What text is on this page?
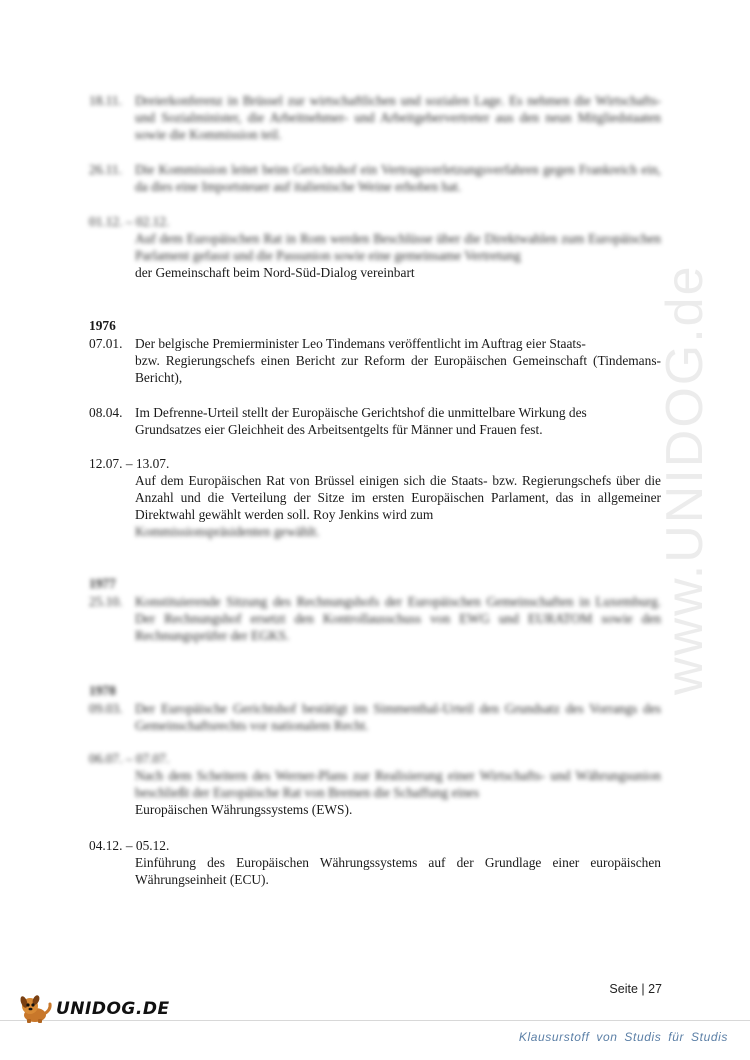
www.UNIDOG.de
18.11. Dreierkonferenz in Brüssel zur wirtschaftlichen und sozialen Lage. Es nehmen die Wirtschafts- und Sozialminister, die Arbeitnehmer- und Arbeitgebervertreter aus den neun Mitgliedstaaten sowie die Kommission teil.
26.11. Die Kommission leitet beim Gerichtshof ein Vertragsverletzungsverfahren gegen Frankreich ein, da dies eine Importsteuer auf italienische Weine erhoben hat.
01.12. – 02.12.
Auf dem Europäischen Rat in Rom werden Beschlüsse über die Direktwahlen zum Europäischen Parlament gefasst und die Passunion sowie eine gemeinsame Vertretung
der Gemeinschaft beim Nord-Süd-Dialog vereinbart
1976
07.01. Der belgische Premierminister Leo Tindemans veröffentlicht im Auftrag eier Staats-
bzw. Regierungschefs einen Bericht zur Reform der Europäischen Gemeinschaft (Tindemans-Bericht),
08.04. Im Defrenne-Urteil stellt der Europäische Gerichtshof die unmittelbare Wirkung des
Grundsatzes eier Gleichheit des Arbeitsentgelts für Männer und Frauen fest.
12.07. – 13.07.
Auf dem Europäischen Rat von Brüssel einigen sich die Staats- bzw. Regierungschefs über die Anzahl und die Verteilung der Sitze im ersten Europäischen Parlament, das in allgemeiner Direktwahl gewählt werden soll. Roy Jenkins wird zum
Kommissionspräsidenten gewählt.
1977
25.10. Konstituierende Sitzung des Rechnungshofs der Europäischen Gemeinschaften in Luxemburg. Der Rechnungshof ersetzt den Kontrollausschuss von EWG und EURATOM sowie den Rechnungsprüfer der EGKS.
1978
09.03. Der Europäische Gerichtshof bestätigt im Simmenthal-Urteil den Grundsatz des Vorrangs des Gemeinschaftsrechts vor nationalem Recht.
06.07. – 07.07.
Nach dem Scheitern des Werner-Plans zur Realisierung einer Wirtschafts- und Währungsunion beschließt der Europäische Rat von Bremen die Schaffung eines
Europäischen Währungssystems (EWS).
04.12. – 05.12.
Einführung des Europäischen Währungssystems auf der Grundlage einer europäischen Währungseinheit (ECU).
Seite | 27
UNIDOG.DE
Klausurstoff von Studis für Studis
